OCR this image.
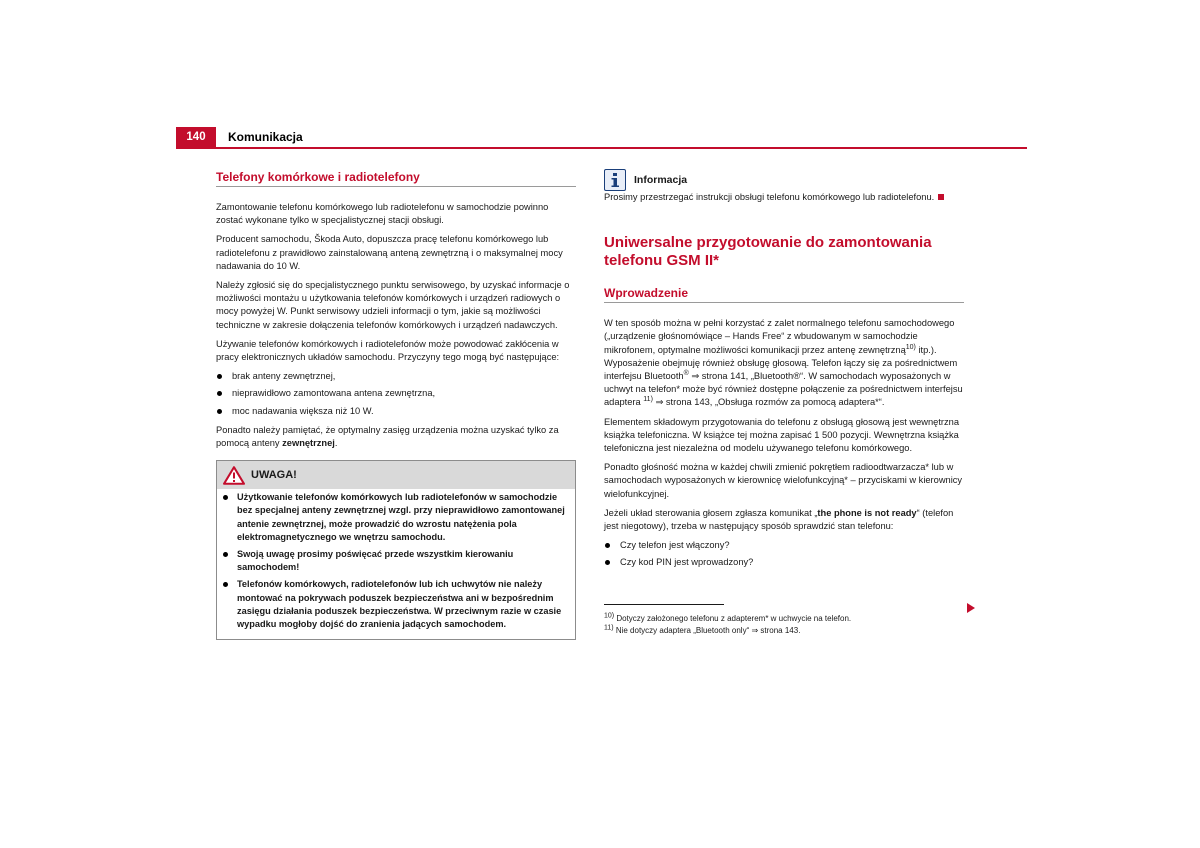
140	Komunikacja
Telefony komórkowe i radiotelefony

Zamontowanie telefonu komórkowego lub radiotelefonu w samochodzie powinno zostać wykonane tylko w specjalistycznej stacji obsługi.

Producent samochodu, Škoda Auto, dopuszcza pracę telefonu komórkowego lub radiotelefonu z prawidłowo zainstalowaną anteną zewnętrzną i o maksymalnej mocy nadawania do 10 W.

Należy zgłosić się do specjalistycznego punktu serwisowego, by uzyskać informacje o możliwości montażu u użytkowania telefonów komórkowych i urządzeń radiowych o mocy powyżej W. Punkt serwisowy udzieli informacji o tym, jakie są możliwości techniczne w zakresie dołączenia telefonów komórkowych i urządzeń nadawczych.

Używanie telefonów komórkowych i radiotelefonów może powodować zakłócenia w pracy elektronicznych układów samochodu. Przyczyny tego mogą być następujące:

brak anteny zewnętrznej,
nieprawidłowo zamontowana antena zewnętrzna,
moc nadawania większa niż 10 W.

Ponadto należy pamiętać, że optymalny zasięg urządzenia można uzyskać tylko za pomocą anteny zewnętrznej.

UWAGA!
Użytkowanie telefonów komórkowych lub radiotelefonów w samochodzie bez specjalnej anteny zewnętrznej wzgl. przy nieprawidłowo zamontowanej antenie zewnętrznej, może prowadzić do wzrostu natężenia pola elektromagnetycznego we wnętrzu samochodu.
Swoją uwagę prosimy poświęcać przede wszystkim kierowaniu samochodem!
Telefonów komórkowych, radiotelefonów lub ich uchwytów nie należy montować na pokrywach poduszek bezpieczeństwa ani w bezpośrednim zasięgu działania poduszek bezpieczeństwa. W przeciwnym razie w czasie wypadku mogłoby dojść do zranienia jadących samochodem.
Informacja

Prosimy przestrzegać instrukcji obsługi telefonu komórkowego lub radiotelefonu.

Uniwersalne przygotowanie do zamontowania telefonu GSM II*
Wprowadzenie

W ten sposób można w pełni korzystać z zalet normalnego telefonu samochodowego („urządzenie głośnomówiące – Hands Free“ z wbudowanym w samochodzie mikrofonem, optymalne możliwości komunikacji przez antenę zewnętrzną$^{10)}$ itp.). Wyposażenie obejmuję również obsługę głosową. Telefon łączy się za pośrednictwem interfejsu Bluetooth® ⇒ strona 141, „Bluetooth®“. W samochodach wyposażonych w uchwyt na telefon* może być również dostępne połączenie za pośrednictwem interfejsu adaptera $^{11)}$ ⇒ strona 143, „Obsługa rozmów za pomocą adaptera*“.

Elementem składowym przygotowania do telefonu z obsługą głosową jest wewnętrzna książka telefoniczna. W książce tej można zapisać 1 500 pozycji. Wewnętrzna książka telefoniczna jest niezależna od modelu używanego telefonu komórkowego.

Ponadto głośność można w każdej chwili zmienić pokrętłem radioodtwarzacza* lub w samochodach wyposażonych w kierownicę wielofunkcyjną* – przyciskami w kierownicy wielofunkcyjnej.

Jeżeli układ sterowania głosem zgłasza komunikat „the phone is not ready“ (telefon jest niegotowy), trzeba w następujący sposób sprawdzić stan telefonu:

Czy telefon jest włączony?
Czy kod PIN jest wprowadzony?
$^{10)}$ Dotyczy założonego telefonu z adapterem* w uchwycie na telefon.
$^{11)}$ Nie dotyczy adaptera „Bluetooth only“ ⇒ strona 143.
